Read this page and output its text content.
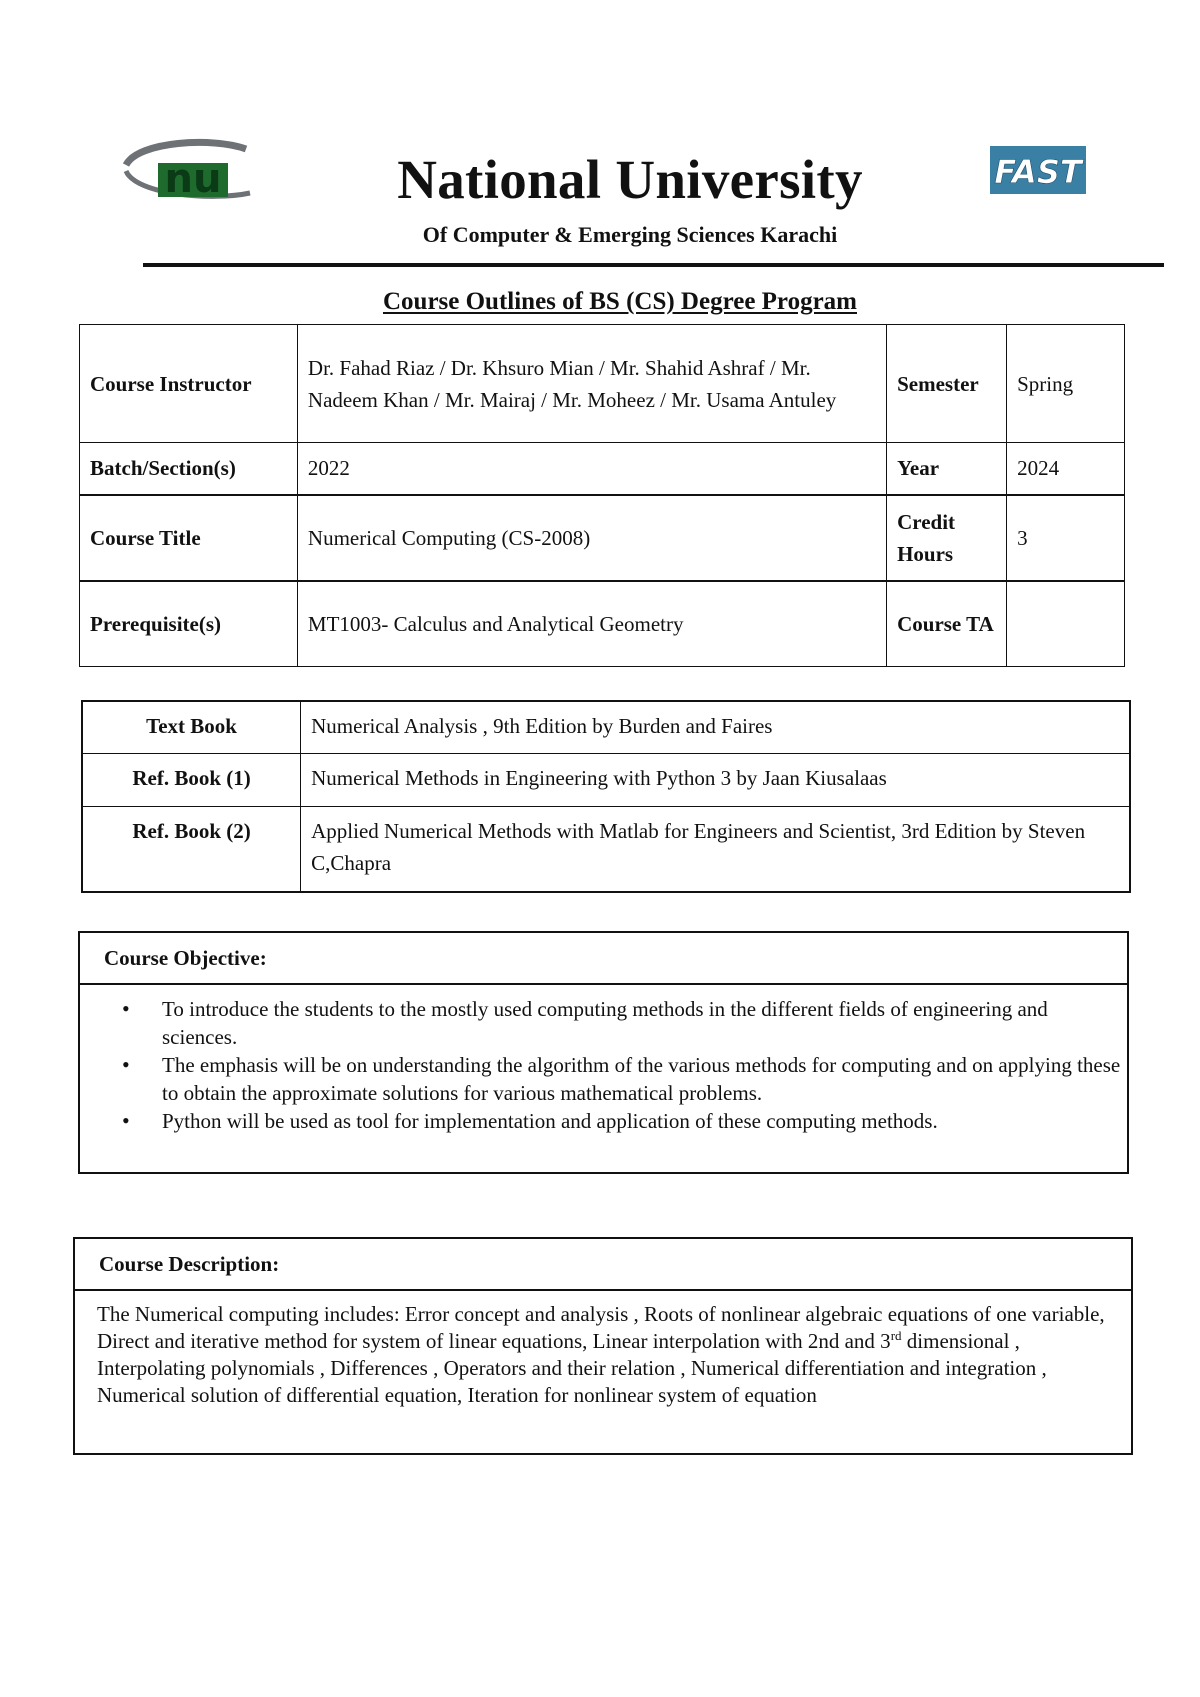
nu	National University
Of Computer & Emerging Sciences Karachi
FAST
Course Outlines of BS (CS) Degree Program
Course Instructor	Dr. Fahad Riaz / Dr. Khsuro Mian / Mr. Shahid Ashraf / Mr. Nadeem Khan / Mr. Mairaj / Mr. Moheez / Mr. Usama Antuley	Semester	Spring
Batch/Section(s)	2022	Year	2024
Course Title	Numerical Computing (CS-2008)	Credit Hours	3
Prerequisite(s)	MT1003- Calculus and Analytical Geometry	Course TA	
Text Book	Numerical Analysis , 9th Edition by Burden and Faires
Ref. Book (1)	Numerical Methods in Engineering with Python 3 by Jaan Kiusalaas
Ref. Book (2)	Applied Numerical Methods with Matlab for Engineers and Scientist, 3rd Edition by Steven C,Chapra
Course Objective:
• To introduce the students to the mostly used computing methods in the different fields of engineering and sciences.
• The emphasis will be on understanding the algorithm of the various methods for computing and on applying these to obtain the approximate solutions for various mathematical problems.
• Python will be used as tool for implementation and application of these computing methods.
Course Description:
The Numerical computing includes: Error concept and analysis , Roots of nonlinear algebraic equations of one variable, Direct and iterative method for system of linear equations, Linear interpolation with 2nd and 3rd dimensional , Interpolating polynomials , Differences , Operators and their relation , Numerical differentiation and integration , Numerical solution of differential equation, Iteration for nonlinear system of equation
